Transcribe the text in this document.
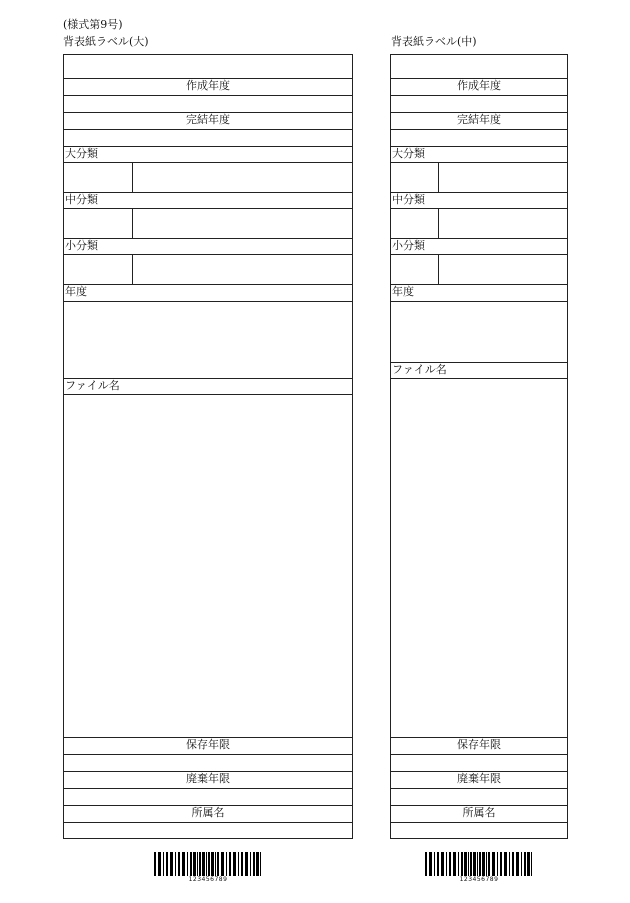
(様式第9号)
背表紙ラベル(大)	背表紙ラベル(中)
作成年度
完結年度
大分類
中分類
小分類
年度
ファイル名
保存年限
廃棄年限
所属名
作成年度
完結年度
大分類
中分類
小分類
年度
ファイル名
保存年限
廃棄年限
所属名
123456789	123456789
